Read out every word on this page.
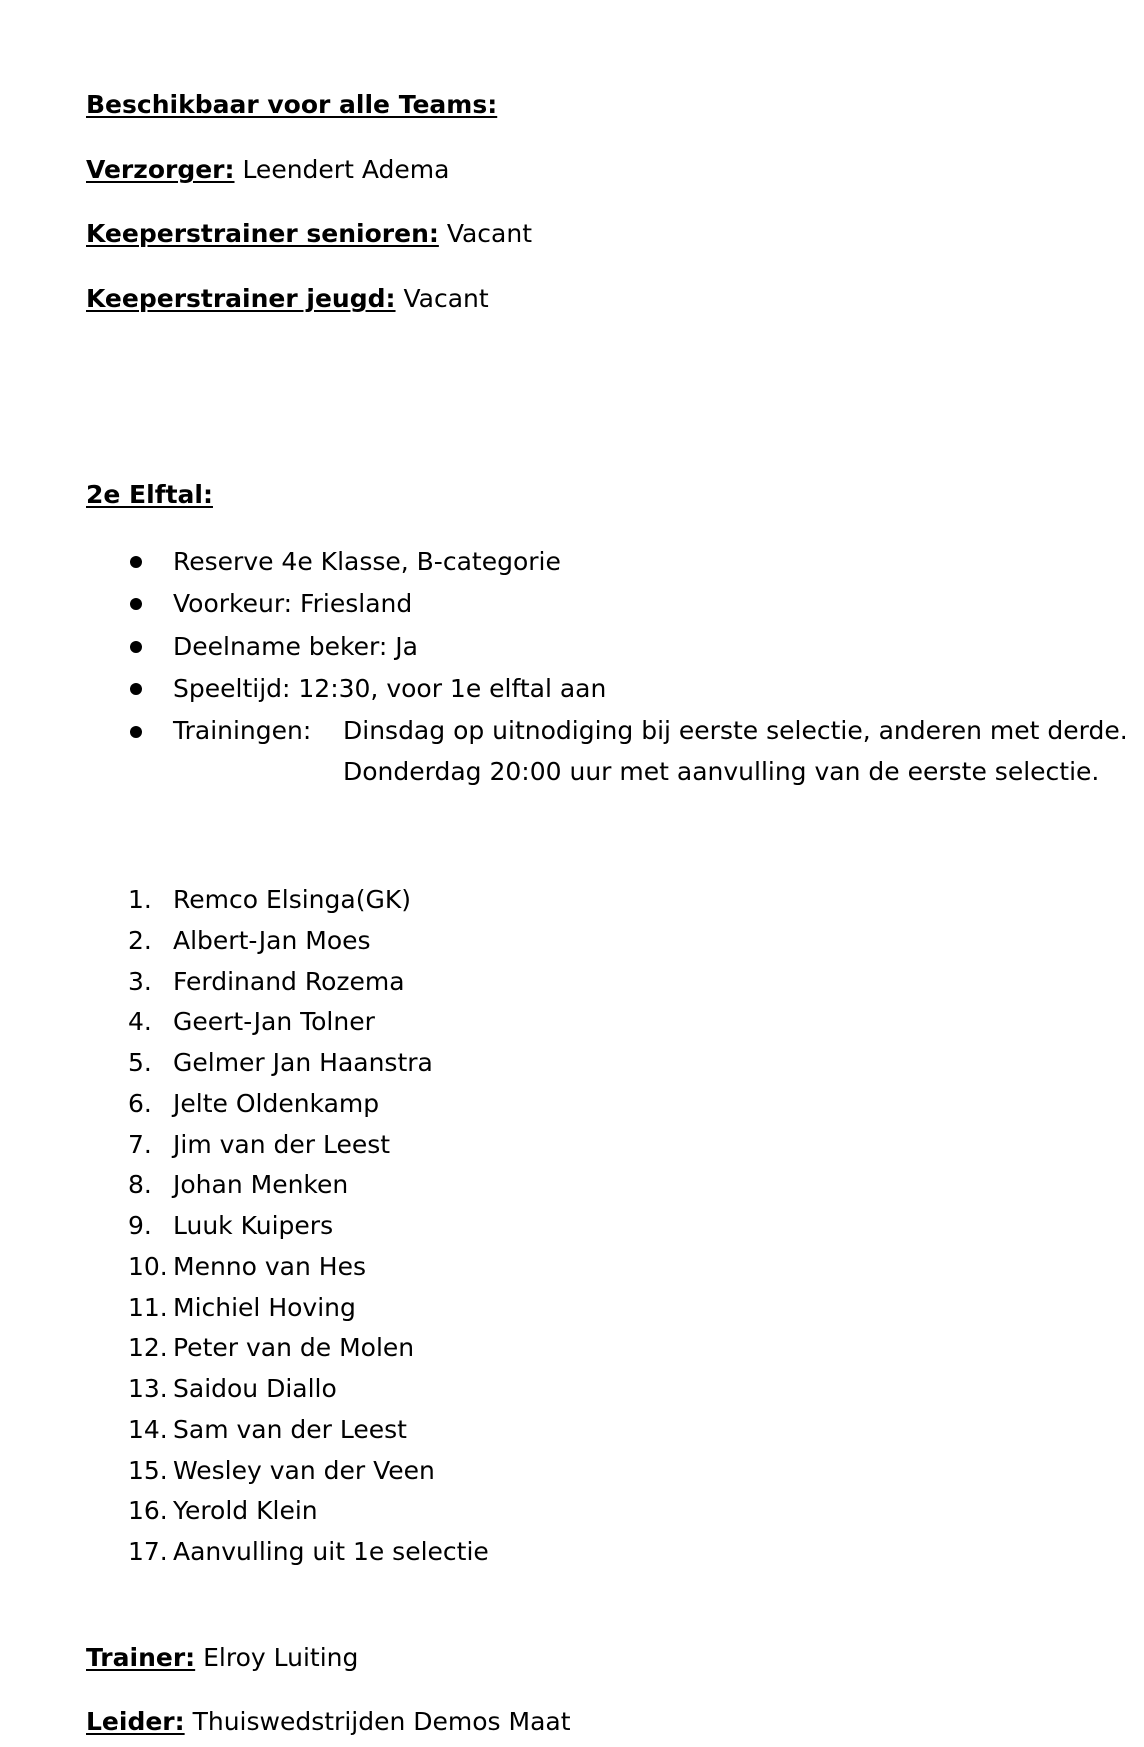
Beschikbaar voor alle Teams:
Verzorger: Leendert Adema
Keeperstrainer senioren: Vacant
Keeperstrainer jeugd: Vacant
2e Elftal:
Reserve 4e Klasse, B-categorie
Voorkeur: Friesland
Deelname beker: Ja
Speeltijd: 12:30, voor 1e elftal aan
Trainingen: Dinsdag op uitnodiging bij eerste selectie, anderen met derde.
Donderdag 20:00 uur met aanvulling van de eerste selectie.
1. Remco Elsinga(GK)
2. Albert-Jan Moes
3. Ferdinand Rozema
4. Geert-Jan Tolner
5. Gelmer Jan Haanstra
6. Jelte Oldenkamp
7. Jim van der Leest
8. Johan Menken
9. Luuk Kuipers
10. Menno van Hes
11. Michiel Hoving
12. Peter van de Molen
13. Saidou Diallo
14. Sam van der Leest
15. Wesley van der Veen
16. Yerold Klein
17. Aanvulling uit 1e selectie
Trainer: Elroy Luiting
Leider: Thuiswedstrijden Demos Maat
